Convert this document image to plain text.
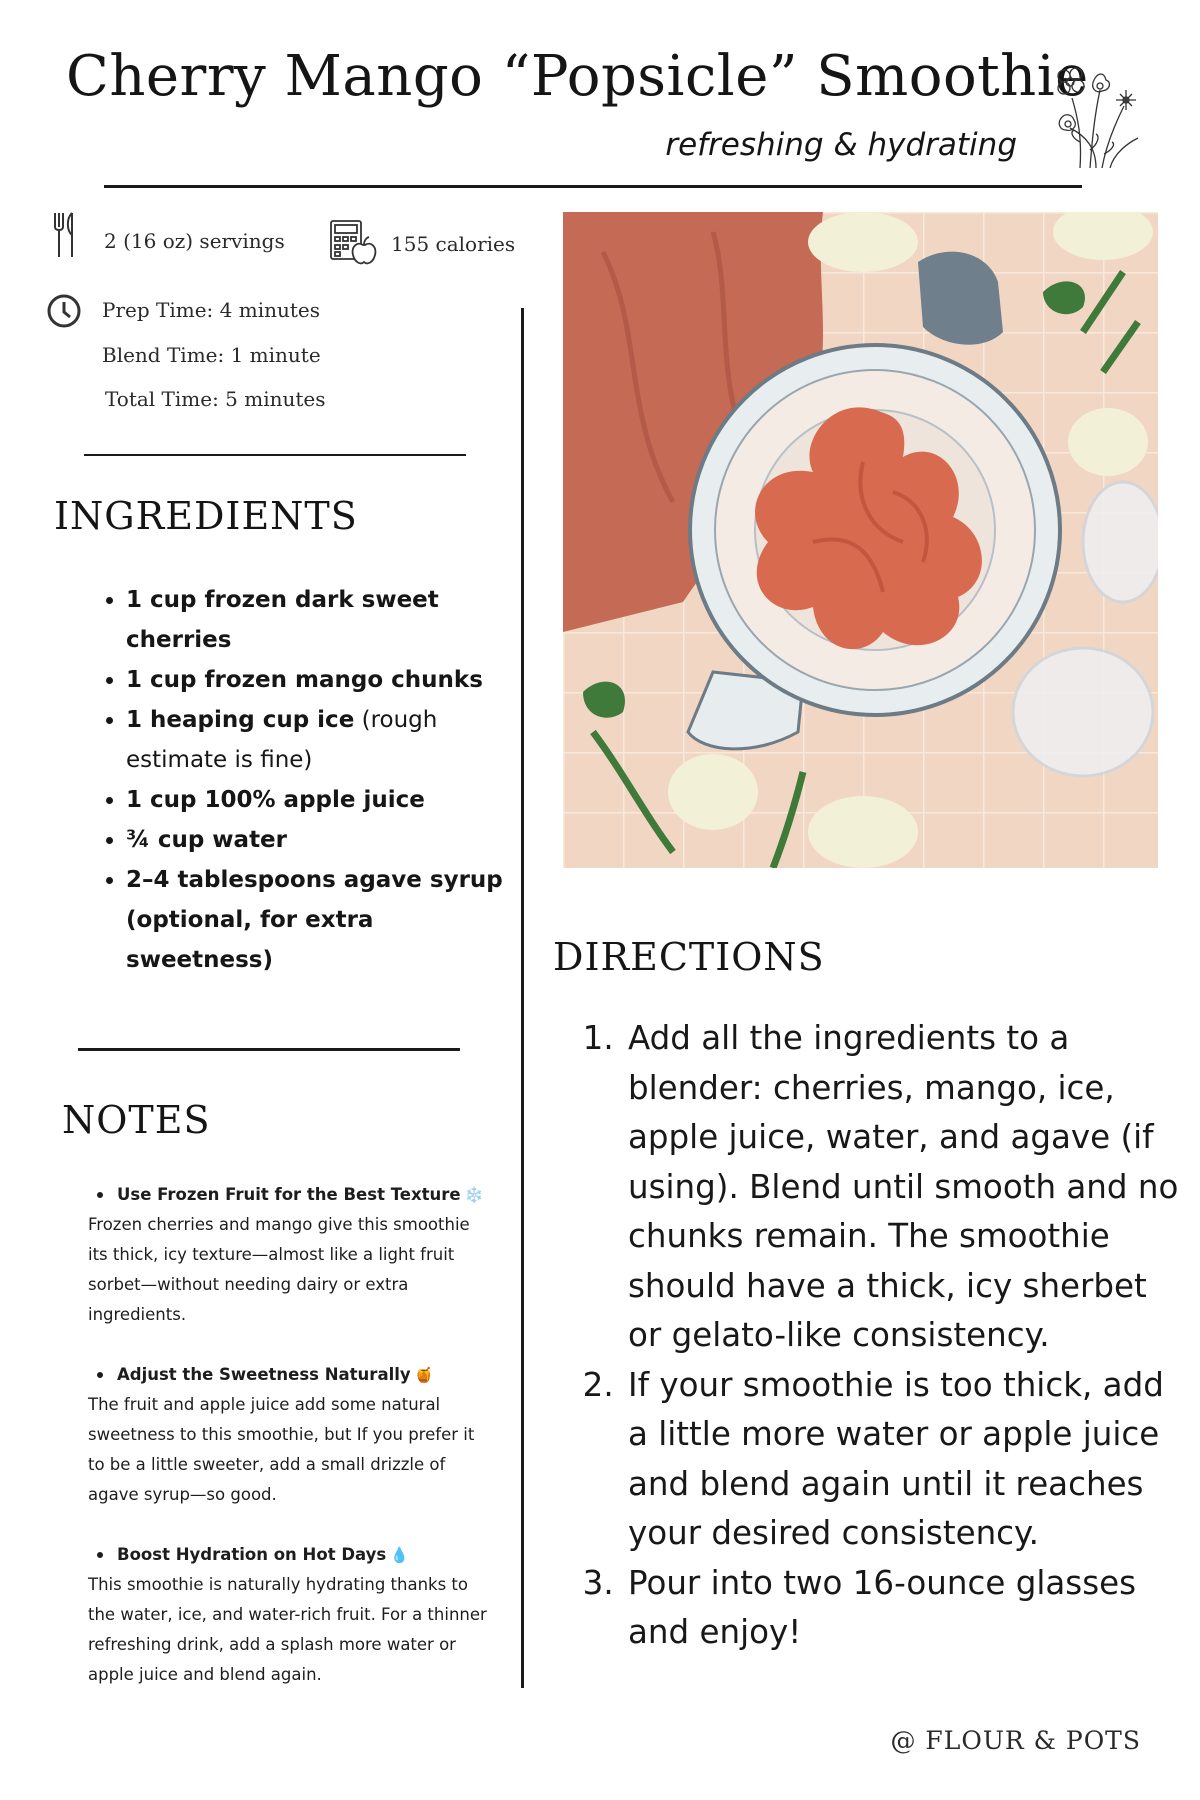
Cherry Mango “Popsicle” Smoothie
refreshing & hydrating
2 (16 oz) servings	155 calories
Prep Time: 4 minutes
Blend Time: 1 minute
Total Time: 5 minutes
INGREDIENTS
• 1 cup frozen dark sweet cherries
• 1 cup frozen mango chunks
• 1 heaping cup ice (rough estimate is fine)
• 1 cup 100% apple juice
• ¾ cup water
• 2–4 tablespoons agave syrup (optional, for extra sweetness)
NOTES
Use Frozen Fruit for the Best Texture ❄️
Frozen cherries and mango give this smoothie its thick, icy texture—almost like a light fruit sorbet—without needing dairy or extra ingredients.
Adjust the Sweetness Naturally 🍯
The fruit and apple juice add some natural sweetness to this smoothie, but If you prefer it to be a little sweeter, add a small drizzle of agave syrup—so good.
Boost Hydration on Hot Days 💧
This smoothie is naturally hydrating thanks to the water, ice, and water-rich fruit. For a thinner refreshing drink, add a splash more water or apple juice and blend again.
DIRECTIONS
1. Add all the ingredients to a blender: cherries, mango, ice, apple juice, water, and agave (if using). Blend until smooth and no chunks remain. The smoothie should have a thick, icy sherbet or gelato-like consistency.
2. If your smoothie is too thick, add a little more water or apple juice and blend again until it reaches your desired consistency.
3. Pour into two 16-ounce glasses and enjoy!
@ FLOUR & POTS
